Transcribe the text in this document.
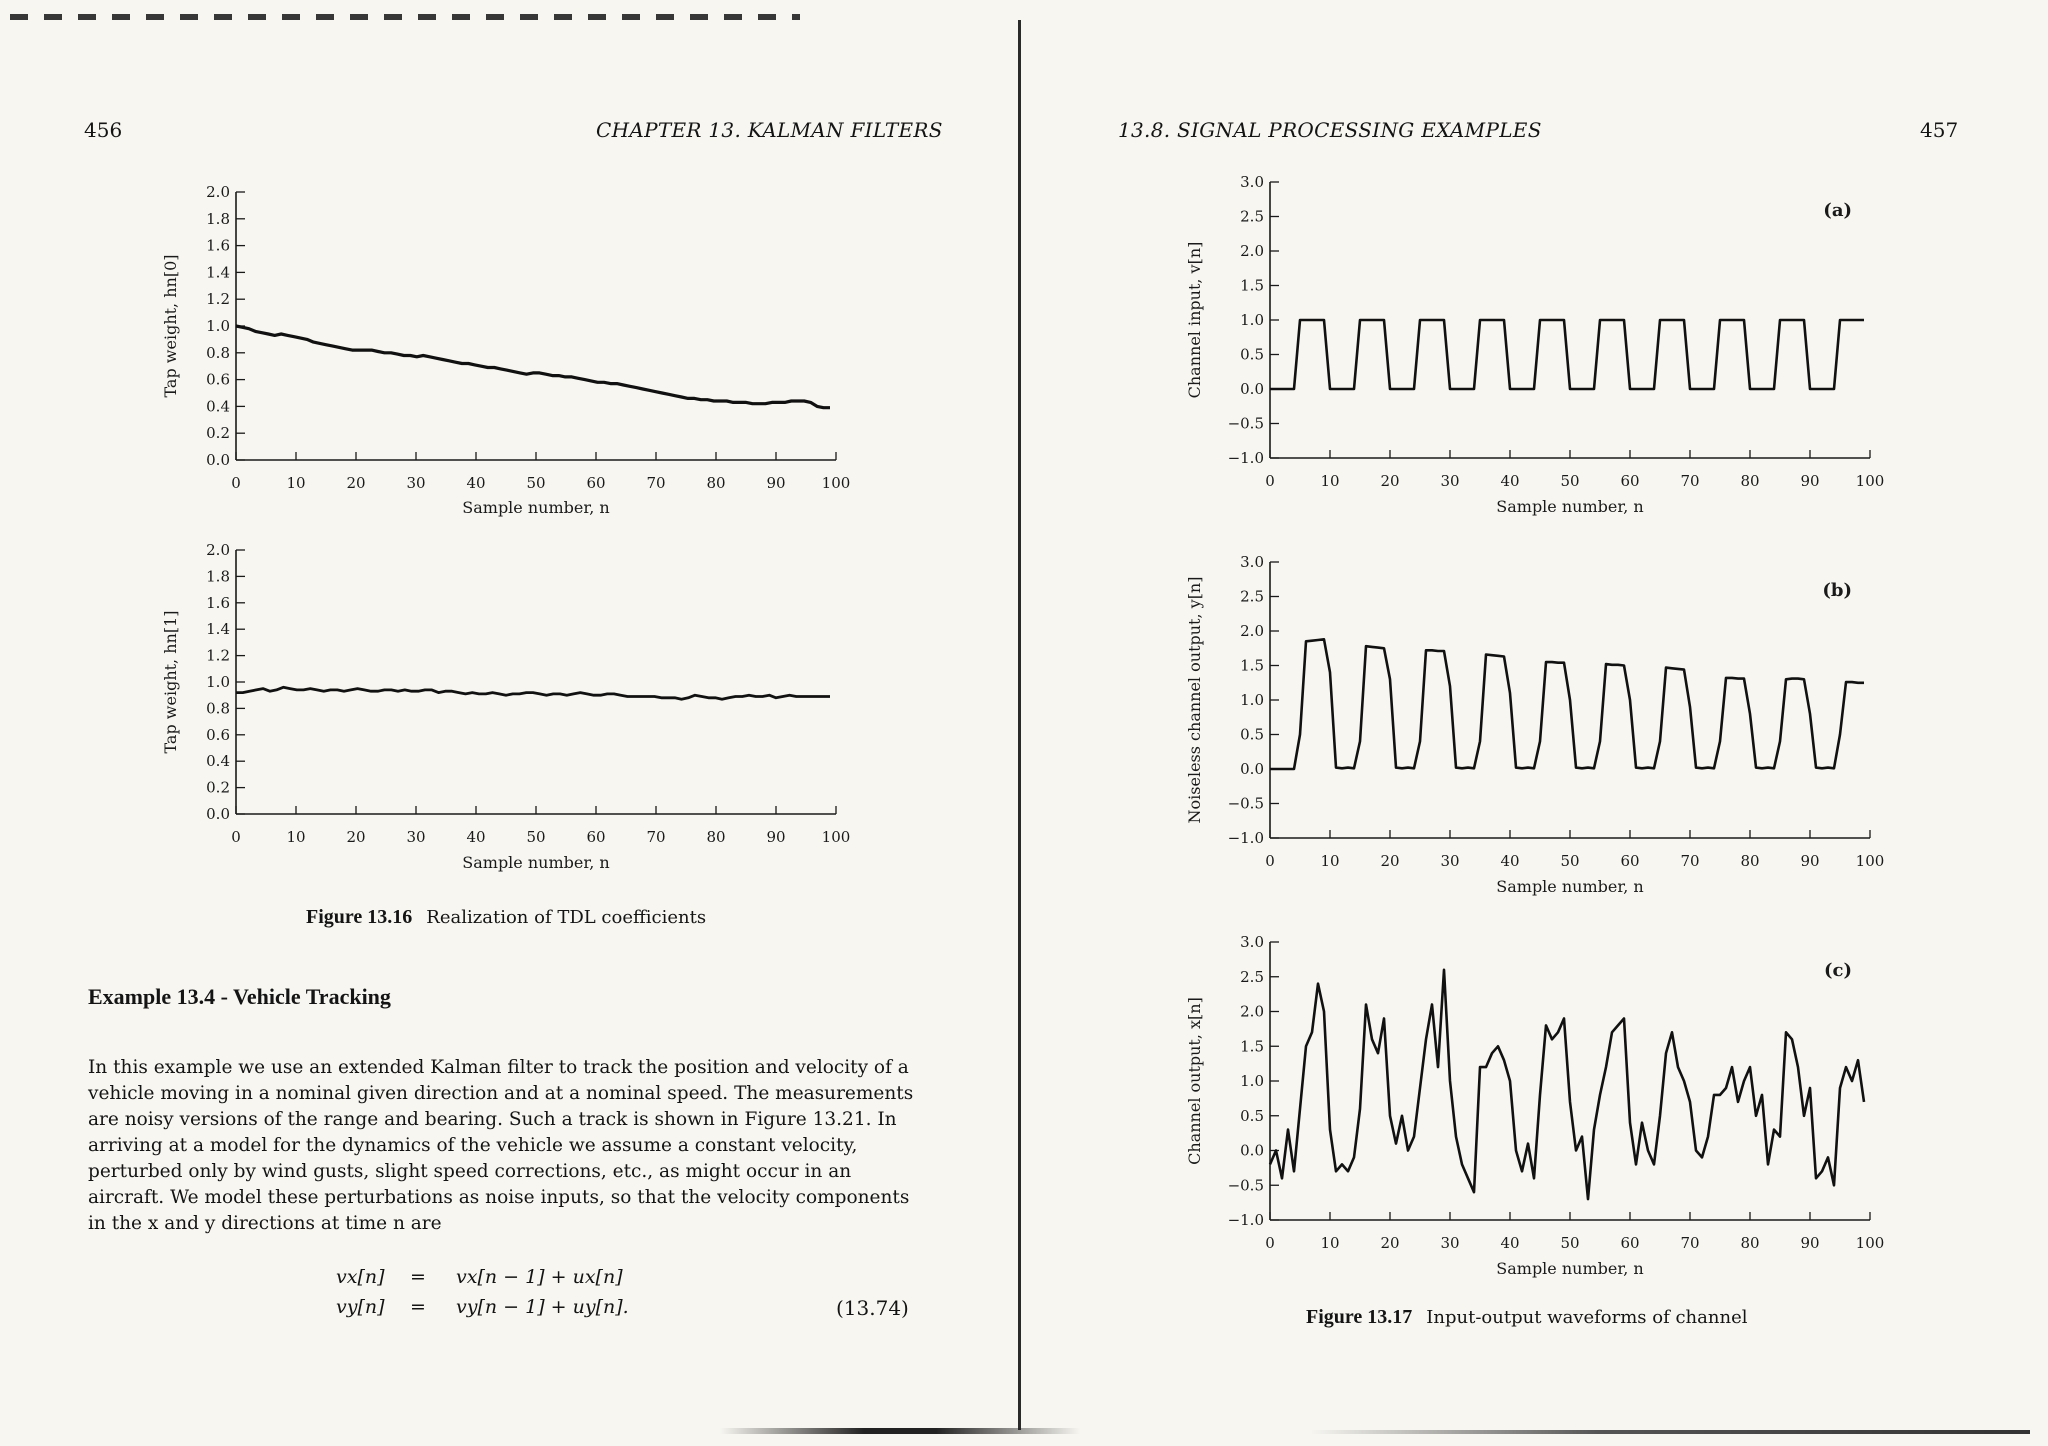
456	CHAPTER 13. KALMAN FILTERS
0.0
0.2
0.4
0.6
0.8
1.0
1.2
1.4
1.6
1.8
2.0
0	10	20	30	40	50	60	70	80	90 100
Sample number, n
Tap weight, hn[0]
0.0
0.2
0.4
0.6
0.8
1.0
1.2
1.4
1.6
1.8
2.0
0	10	20	30	40	50	60	70	80	90 100
Sample number, n
Tap weight, hn[1]
Figure 13.16 Realization of TDL coefficients
Example 13.4 - Vehicle Tracking
In this example we use an extended Kalman filter to track the position and velocity of a
vehicle moving in a nominal given direction and at a nominal speed. The measurements
are noisy versions of the range and bearing. Such a track is shown in Figure 13.21. In
arriving at a model for the dynamics of the vehicle we assume a constant velocity,
perturbed only by wind gusts, slight speed corrections, etc., as might occur in an
aircraft. We model these perturbations as noise inputs, so that the velocity components
in the x and y directions at time n are
vx[n] = vx[n − 1] + ux[n]
vy[n] = vy[n − 1] + uy[n].	(13.74)
13.8. SIGNAL PROCESSING EXAMPLES	457
−1.0
−0.5
0.0
0.5
1.0
1.5
2.0
2.5
3.0
0	10	20	30	40	50	60	70	80	90 100
Sample number, n
Channel input, v[n]
(a)
−1.0
−0.5
0.0
0.5
1.0
1.5
2.0
2.5
3.0
0	10	20	30	40	50	60	70	80	90 100
Sample number, n
Noiseless channel output, y[n]	(b)
−1.0
−0.5
0.0
0.5
1.0
1.5
2.0
2.5
3.0
0	10	20	30	40	50	60	70	80	90 100
Sample number, n
Channel output, x[n]
(c)
Figure 13.17 Input-output waveforms of channel
